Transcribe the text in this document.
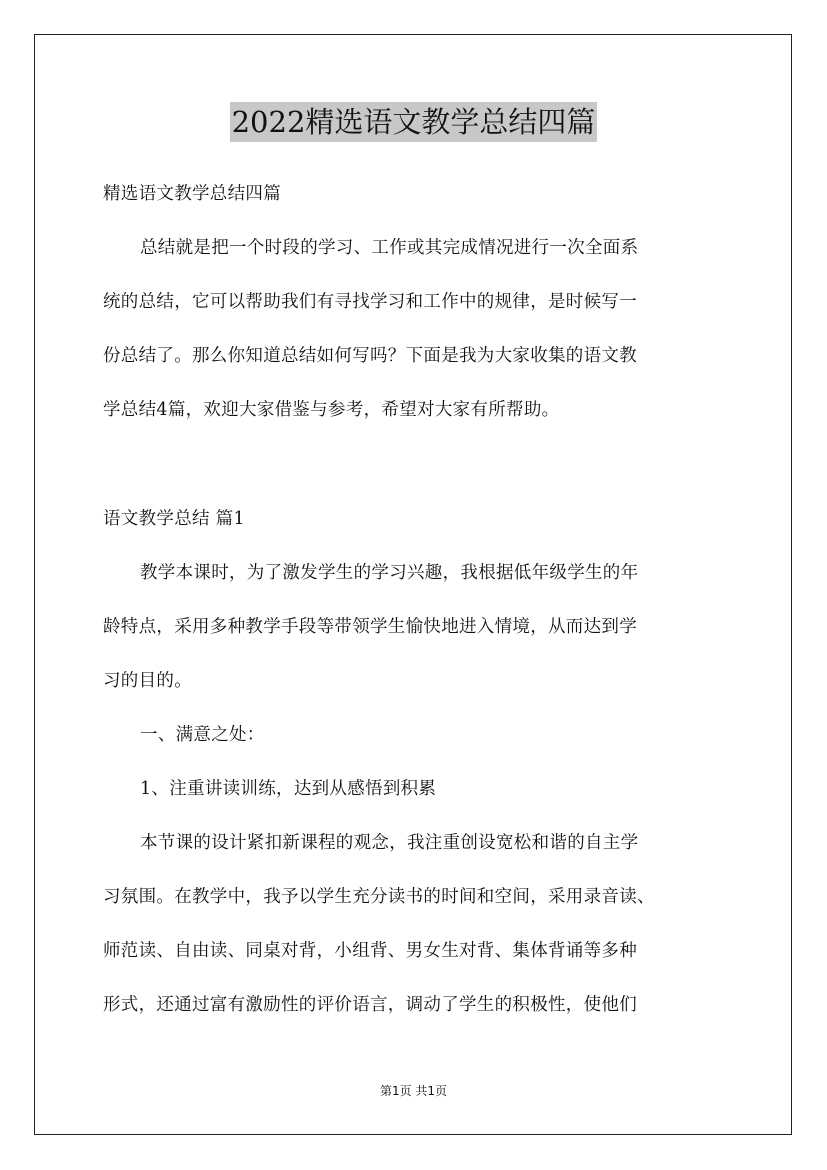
2022精选语文教学总结四篇
精选语文教学总结四篇
总结就是把一个时段的学习、工作或其完成情况进行一次全面系
统的总结，它可以帮助我们有寻找学习和工作中的规律，是时候写一
份总结了。那么你知道总结如何写吗？下面是我为大家收集的语文教
学总结4篇，欢迎大家借鉴与参考，希望对大家有所帮助。
语文教学总结 篇1
教学本课时，为了激发学生的学习兴趣，我根据低年级学生的年
龄特点，采用多种教学手段等带领学生愉快地进入情境，从而达到学
习的目的。
一、满意之处：
1、注重讲读训练，达到从感悟到积累
本节课的设计紧扣新课程的观念，我注重创设宽松和谐的自主学
习氛围。在教学中，我予以学生充分读书的时间和空间，采用录音读、
师范读、自由读、同桌对背，小组背、男女生对背、集体背诵等多种
形式，还通过富有激励性的评价语言，调动了学生的积极性，使他们
第1页 共1页
